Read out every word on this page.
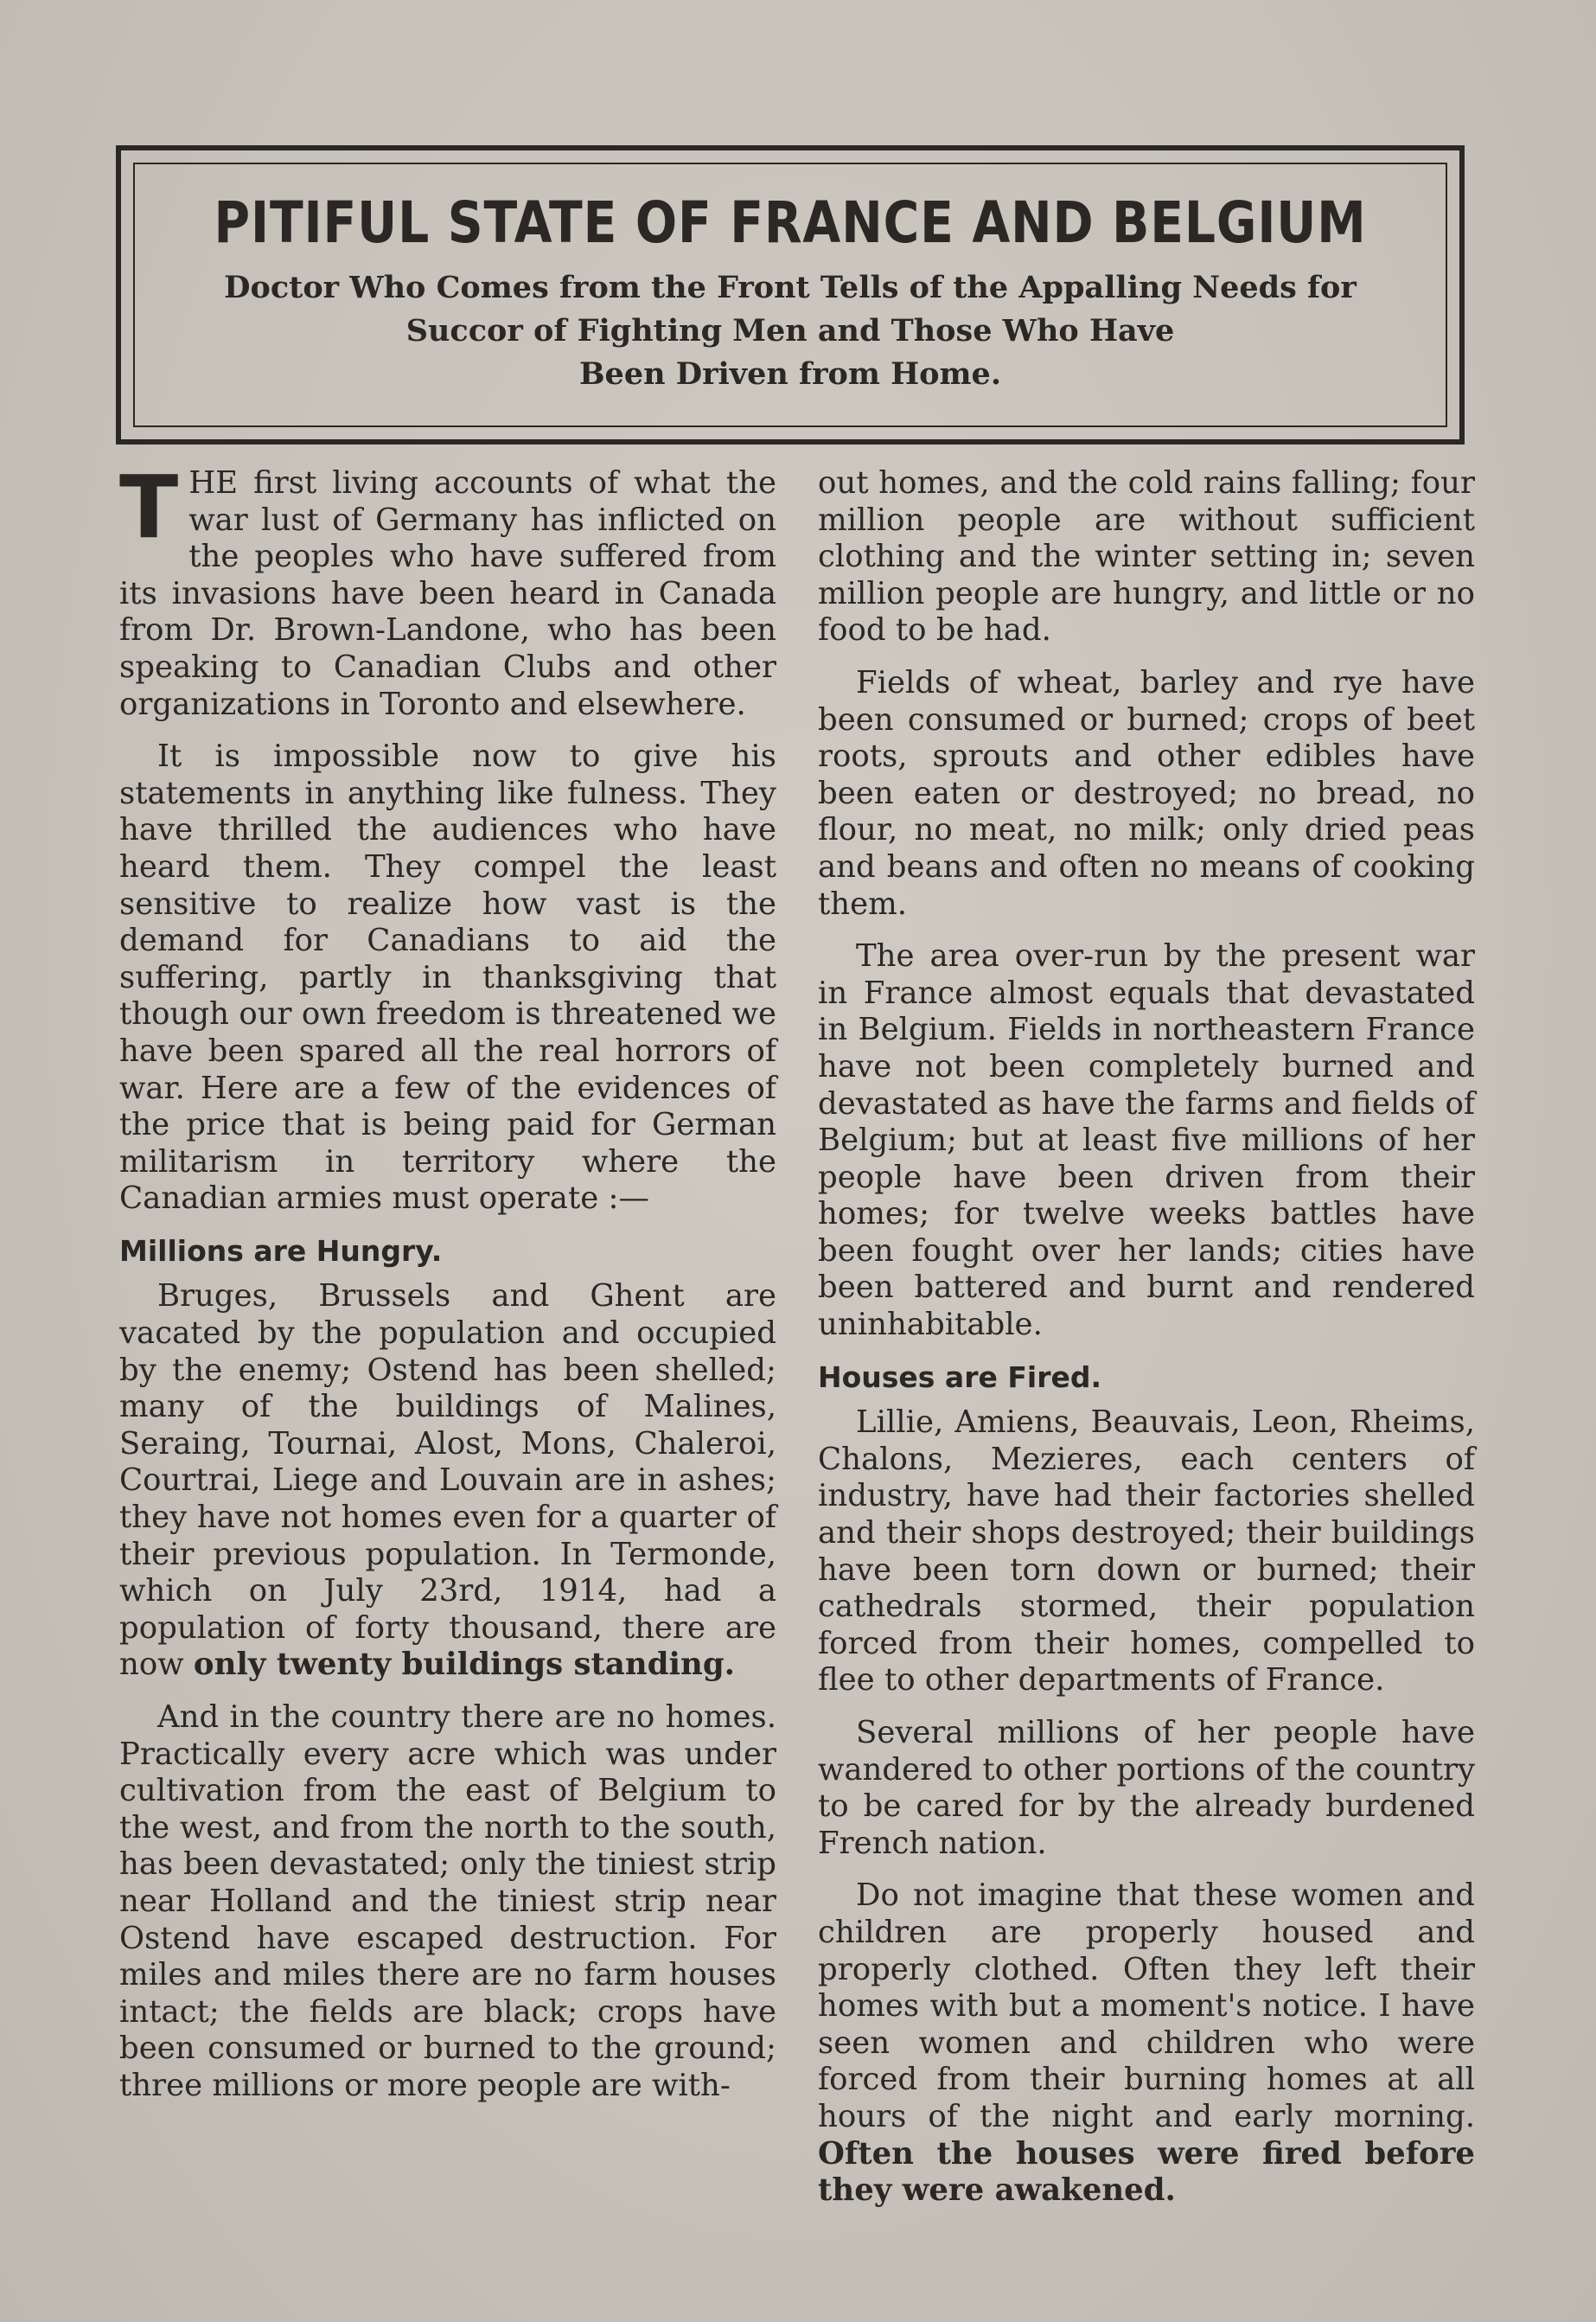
PITIFUL STATE OF FRANCE AND BELGIUM
Doctor Who Comes from the Front Tells of the Appalling Needs for
Succor of Fighting Men and Those Who Have
Been Driven from Home.

THE first living accounts of what the war lust of Germany has inflicted on the peoples who have suffered from its invasions have been heard in Canada from Dr. Brown-Landone, who has been speaking to Canadian Clubs and other organizations in Toronto and elsewhere.

It is impossible now to give his statements in anything like fulness. They have thrilled the audiences who have heard them. They compel the least sensitive to realize how vast is the demand for Canadians to aid the suffering, partly in thanksgiving that though our own freedom is threatened we have been spared all the real horrors of war. Here are a few of the evidences of the price that is being paid for German militarism in territory where the Canadian armies must operate :—

Millions are Hungry.

Bruges, Brussels and Ghent are vacated by the population and occupied by the enemy; Ostend has been shelled; many of the buildings of Malines, Seraing, Tournai, Alost, Mons, Chaleroi, Courtrai, Liege and Louvain are in ashes; they have not homes even for a quarter of their previous population. In Termonde, which on July 23rd, 1914, had a population of forty thousand, there are now only twenty buildings standing.

And in the country there are no homes. Practically every acre which was under cultivation from the east of Belgium to the west, and from the north to the south, has been devastated; only the tiniest strip near Holland and the tiniest strip near Ostend have escaped destruction. For miles and miles there are no farm houses intact; the fields are black; crops have been consumed or burned to the ground; three millions or more people are with-

out homes, and the cold rains falling; four million people are without sufficient clothing and the winter setting in; seven million people are hungry, and little or no food to be had.

Fields of wheat, barley and rye have been consumed or burned; crops of beet roots, sprouts and other edibles have been eaten or destroyed; no bread, no flour, no meat, no milk; only dried peas and beans and often no means of cooking them.

The area over-run by the present war in France almost equals that devastated in Belgium. Fields in northeastern France have not been completely burned and devastated as have the farms and fields of Belgium; but at least five millions of her people have been driven from their homes; for twelve weeks battles have been fought over her lands; cities have been battered and burnt and rendered uninhabitable.

Houses are Fired.

Lillie, Amiens, Beauvais, Leon, Rheims, Chalons, Mezieres, each centers of industry, have had their factories shelled and their shops destroyed; their buildings have been torn down or burned; their cathedrals stormed, their population forced from their homes, compelled to flee to other departments of France.

Several millions of her people have wandered to other portions of the country to be cared for by the already burdened French nation.

Do not imagine that these women and children are properly housed and properly clothed. Often they left their homes with but a moment's notice. I have seen women and children who were forced from their burning homes at all hours of the night and early morning. Often the houses were fired before they were awakened.
